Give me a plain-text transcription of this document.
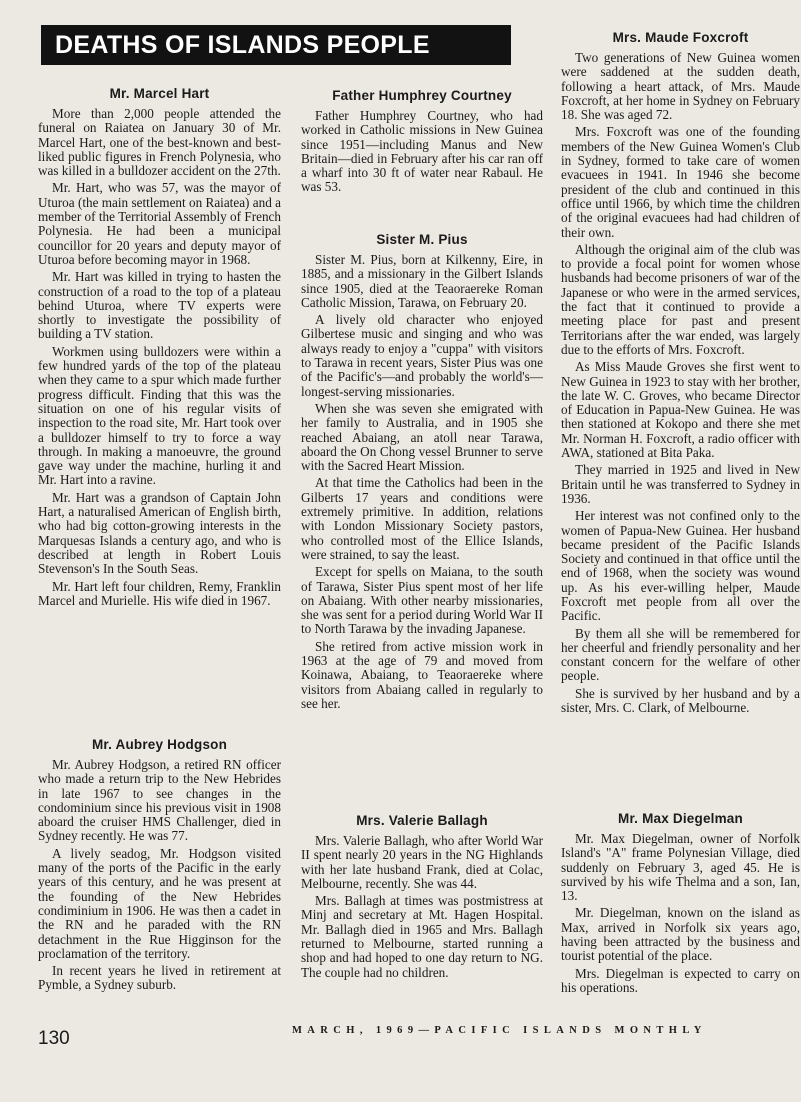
DEATHS OF ISLANDS PEOPLE
Mr. Marcel Hart

More than 2,000 people attended the funeral on Raiatea on January 30 of Mr. Marcel Hart, one of the best-known and best-liked public figures in French Polynesia, who was killed in a bulldozer accident on the 27th.

Mr. Hart, who was 57, was the mayor of Uturoa (the main settlement on Raiatea) and a member of the Territorial Assembly of French Polynesia. He had been a municipal councillor for 20 years and deputy mayor of Uturoa before becoming mayor in 1968.

Mr. Hart was killed in trying to hasten the construction of a road to the top of a plateau behind Uturoa, where TV experts were shortly to investigate the possibility of building a TV station.

Workmen using bulldozers were within a few hundred yards of the top of the plateau when they came to a spur which made further progress difficult. Finding that this was the situation on one of his regular visits of inspection to the road site, Mr. Hart took over a bulldozer himself to try to force a way through. In making a manoeuvre, the ground gave way under the machine, hurling it and Mr. Hart into a ravine.

Mr. Hart was a grandson of Captain John Hart, a naturalised American of English birth, who had big cotton-growing interests in the Marquesas Islands a century ago, and who is described at length in Robert Louis Stevenson's In the South Seas.

Mr. Hart left four children, Remy, Franklin Marcel and Murielle. His wife died in 1967.

Mr. Aubrey Hodgson

Mr. Aubrey Hodgson, a retired RN officer who made a return trip to the New Hebrides in late 1967 to see changes in the condominium since his previous visit in 1908 aboard the cruiser HMS Challenger, died in Sydney recently. He was 77.

A lively seadog, Mr. Hodgson visited many of the ports of the Pacific in the early years of this century, and he was present at the founding of the New Hebrides condiminium in 1906. He was then a cadet in the RN and he paraded with the RN detachment in the Rue Higginson for the proclamation of the territory.

In recent years he lived in retirement at Pymble, a Sydney suburb.

Father Humphrey Courtney

Father Humphrey Courtney, who had worked in Catholic missions in New Guinea since 1951—including Manus and New Britain—died in February after his car ran off a wharf into 30 ft of water near Rabaul. He was 53.

Sister M. Pius

Sister M. Pius, born at Kilkenny, Eire, in 1885, and a missionary in the Gilbert Islands since 1905, died at the Teaoraereke Roman Catholic Mission, Tarawa, on February 20.

A lively old character who enjoyed Gilbertese music and singing and who was always ready to enjoy a "cuppa" with visitors to Tarawa in recent years, Sister Pius was one of the Pacific's—and probably the world's—longest-serving missionaries.

When she was seven she emigrated with her family to Australia, and in 1905 she reached Abaiang, an atoll near Tarawa, aboard the On Chong vessel Brunner to serve with the Sacred Heart Mission.

At that time the Catholics had been in the Gilberts 17 years and conditions were extremely primitive. In addition, relations with London Missionary Society pastors, who controlled most of the Ellice Islands, were strained, to say the least.

Except for spells on Maiana, to the south of Tarawa, Sister Pius spent most of her life on Abaiang. With other nearby missionaries, she was sent for a period during World War II to North Tarawa by the invading Japanese.

She retired from active mission work in 1963 at the age of 79 and moved from Koinawa, Abaiang, to Teaoraereke where visitors from Abaiang called in regularly to see her.

Mrs. Valerie Ballagh

Mrs. Valerie Ballagh, who after World War II spent nearly 20 years in the NG Highlands with her late husband Frank, died at Colac, Melbourne, recently. She was 44.

Mrs. Ballagh at times was postmistress at Minj and secretary at Mt. Hagen Hospital. Mr. Ballagh died in 1965 and Mrs. Ballagh returned to Melbourne, started running a shop and had hoped to one day return to NG. The couple had no children.

Mrs. Maude Foxcroft

Two generations of New Guinea women were saddened at the sudden death, following a heart attack, of Mrs. Maude Foxcroft, at her home in Sydney on February 18. She was aged 72.

Mrs. Foxcroft was one of the founding members of the New Guinea Women's Club in Sydney, formed to take care of women evacuees in 1941. In 1946 she become president of the club and continued in this office until 1966, by which time the children of the original evacuees had had children of their own.

Although the original aim of the club was to provide a focal point for women whose husbands had become prisoners of war of the Japanese or who were in the armed services, the fact that it continued to provide a meeting place for past and present Territorians after the war ended, was largely due to the efforts of Mrs. Foxcroft.

As Miss Maude Groves she first went to New Guinea in 1923 to stay with her brother, the late W. C. Groves, who became Director of Education in Papua-New Guinea. He was then stationed at Kokopo and there she met Mr. Norman H. Foxcroft, a radio officer with AWA, stationed at Bita Paka.

They married in 1925 and lived in New Britain until he was transferred to Sydney in 1936.

Her interest was not confined only to the women of Papua-New Guinea. Her husband became president of the Pacific Islands Society and continued in that office until the end of 1968, when the society was wound up. As his ever-willing helper, Maude Foxcroft met people from all over the Pacific.

By them all she will be remembered for her cheerful and friendly personality and her constant concern for the welfare of other people.

She is survived by her husband and by a sister, Mrs. C. Clark, of Melbourne.

Mr. Max Diegelman

Mr. Max Diegelman, owner of Norfolk Island's "A" frame Polynesian Village, died suddenly on February 3, aged 45. He is survived by his wife Thelma and a son, Ian, 13.

Mr. Diegelman, known on the island as Max, arrived in Norfolk six years ago, having been attracted by the business and tourist potential of the place.

Mrs. Diegelman is expected to carry on his operations.

130	MARCH, 1969—PACIFIC ISLANDS MONTHLY
